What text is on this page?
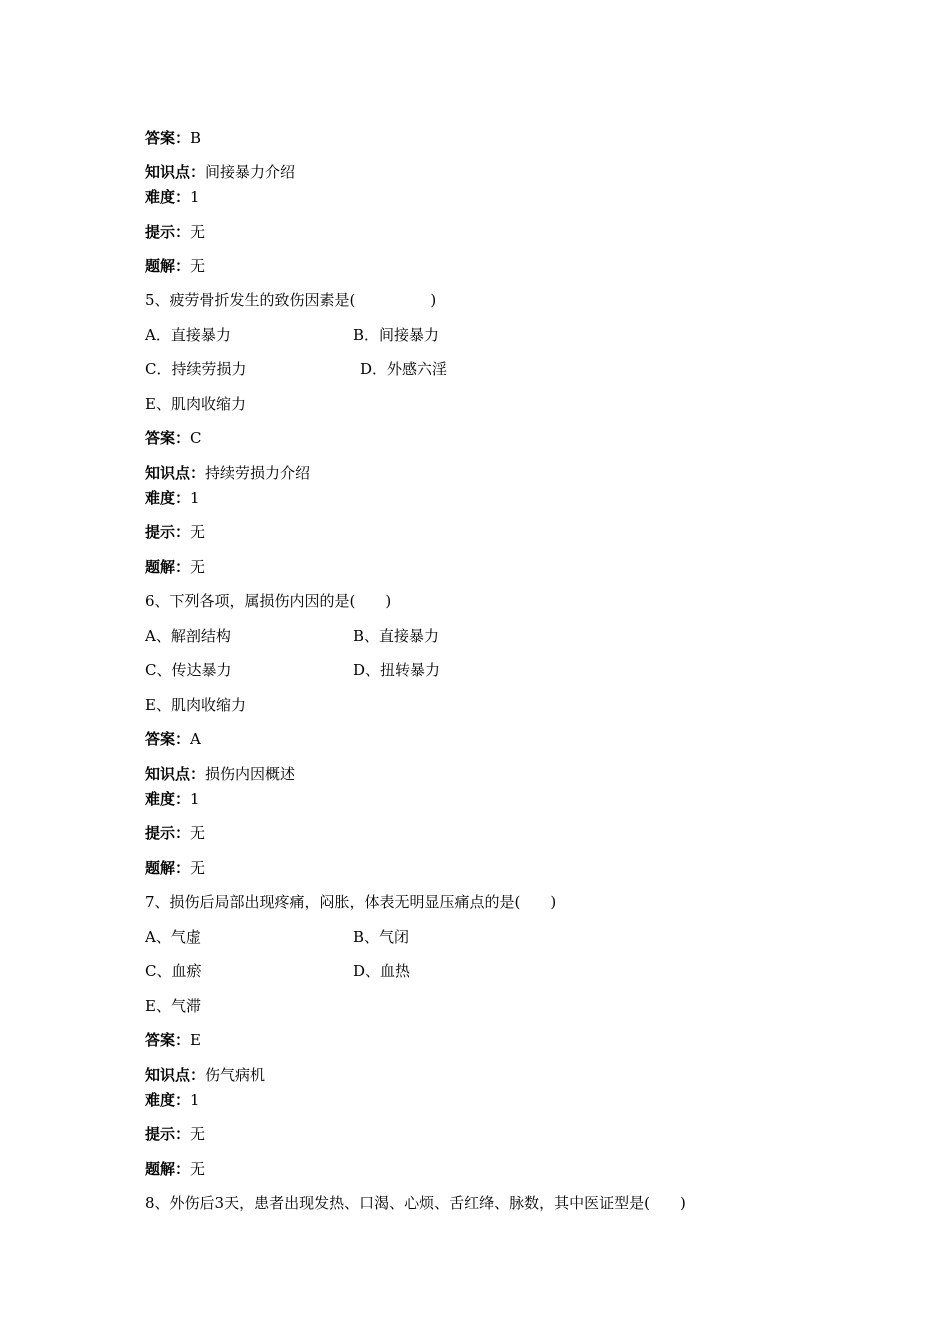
答案：B
知识点：间接暴力介绍
难度：1
提示：无
题解：无
5、疲劳骨折发生的致伤因素是(　　　　　)
A．直接暴力	B．间接暴力
C．持续劳损力	D．外感六淫
E、肌肉收缩力
答案：C
知识点：持续劳损力介绍
难度：1
提示：无
题解：无
6、下列各项，属损伤内因的是(　　)
A、解剖结构	B、直接暴力
C、传达暴力	D、扭转暴力
E、肌肉收缩力
答案：A
知识点：损伤内因概述
难度：1
提示：无
题解：无
7、损伤后局部出现疼痛，闷胀，体表无明显压痛点的是(　　)
A、气虚	B、气闭
C、血瘀	D、血热
E、气滞
答案：E
知识点：伤气病机
难度：1
提示：无
题解：无
8、外伤后3天，患者出现发热、口渴、心烦、舌红绛、脉数，其中医证型是(　　)
